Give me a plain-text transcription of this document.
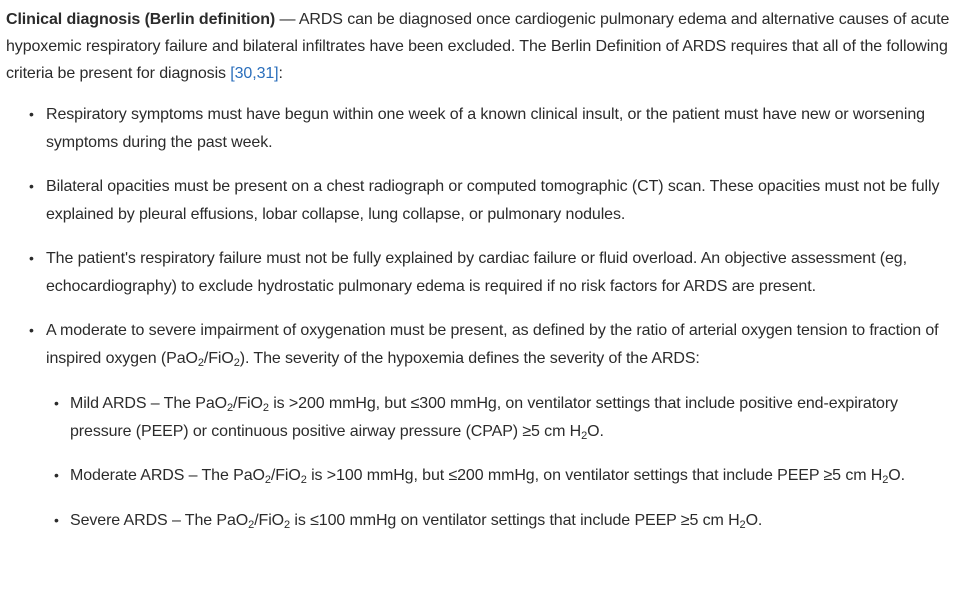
Clinical diagnosis (Berlin definition) — ARDS can be diagnosed once cardiogenic pulmonary edema and alternative causes of acute hypoxemic respiratory failure and bilateral infiltrates have been excluded. The Berlin Definition of ARDS requires that all of the following criteria be present for diagnosis [30,31]:

• Respiratory symptoms must have begun within one week of a known clinical insult, or the patient must have new or worsening symptoms during the past week.
• Bilateral opacities must be present on a chest radiograph or computed tomographic (CT) scan. These opacities must not be fully explained by pleural effusions, lobar collapse, lung collapse, or pulmonary nodules.
• The patient's respiratory failure must not be fully explained by cardiac failure or fluid overload. An objective assessment (eg, echocardiography) to exclude hydrostatic pulmonary edema is required if no risk factors for ARDS are present.
• A moderate to severe impairment of oxygenation must be present, as defined by the ratio of arterial oxygen tension to fraction of inspired oxygen (PaO$_2$/FiO$_2$). The severity of the hypoxemia defines the severity of the ARDS:
• Mild ARDS – The PaO$_2$/FiO$_2$ is >200 mmHg, but ≤300 mmHg, on ventilator settings that include positive end-expiratory pressure (PEEP) or continuous positive airway pressure (CPAP) ≥5 cm $H_2O$.
• Moderate ARDS – The PaO$_2$/FiO$_2$ is >100 mmHg, but ≤200 mmHg, on ventilator settings that include PEEP ≥5 cm $H_2O$.
• Severe ARDS – The PaO$_2$/FiO$_2$ is ≤100 mmHg on ventilator settings that include PEEP ≥5 cm $H_2O$.
